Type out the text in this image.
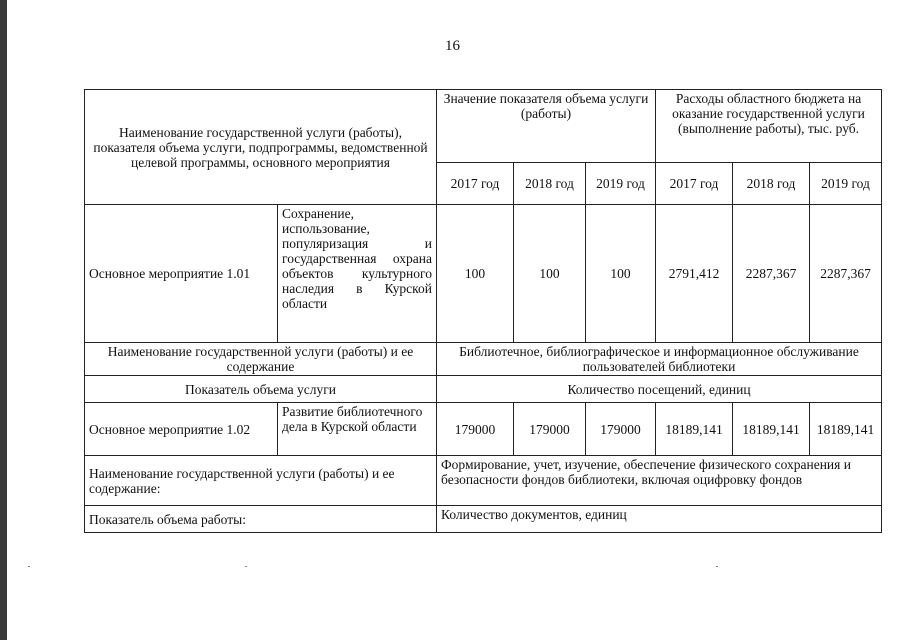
16
Наименование государственной услуги (работы), показателя объема услуги, подпрограммы, ведомственной целевой программы, основного мероприятия		Значение показателя объема услуги (работы)			Расходы областного бюджета на оказание государственной услуги (выполнение работы), тыс. руб.		
		2017 год	2018 год	2019 год	2017 год	2018 год	2019 год
Основное мероприятие 1.01	Сохранение, использование, популяризация и государственная охрана объектов культурного наследия в Курской области	100	100	100	2791,412	2287,367	2287,367
Наименование государственной услуги (работы) и ее содержание		Библиотечное, библиографическое и информационное обслуживание пользователей библиотеки					
Показатель объема услуги		Количество посещений, единиц					
Основное мероприятие 1.02	Развитие библиотечного дела в Курской области	179000	179000	179000	18189,141	18189,141	18189,141
Наименование государственной услуги (работы) и ее содержание:		Формирование, учет, изучение, обеспечение физического сохранения и безопасности фондов библиотеки, включая оцифровку фондов					
Показатель объема работы:		Количество документов, единиц					
